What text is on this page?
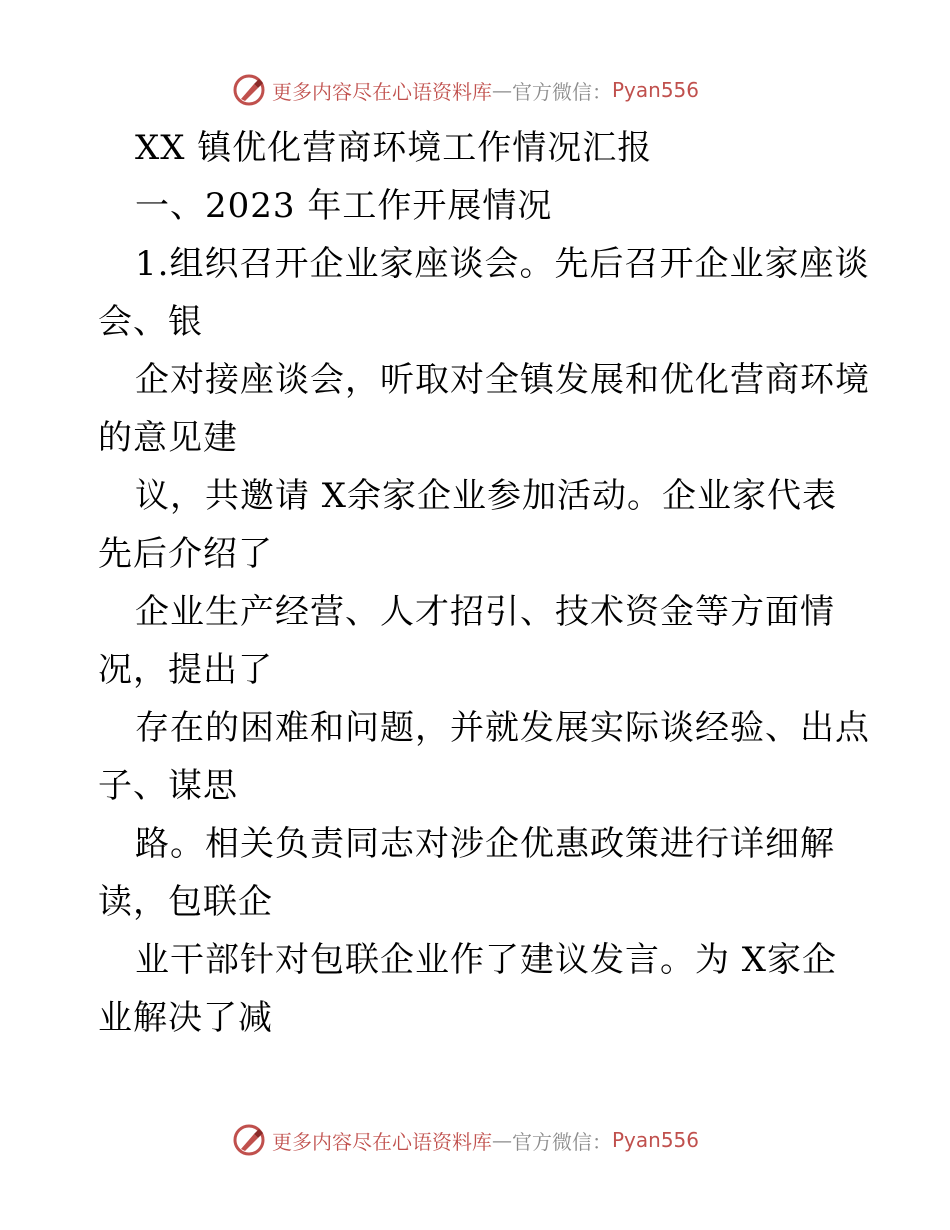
更多内容尽在心语资料库 — 官方微信： Pyan556
XX 镇优化营商环境工作情况汇报
一、2023 年工作开展情况
1.组织召开企业家座谈会。先后召开企业家座谈
会、银
企对接座谈会，听取对全镇发展和优化营商环境
的意见建
议，共邀请 X余家企业参加活动。企业家代表
先后介绍了
企业生产经营、人才招引、技术资金等方面情
况，提出了
存在的困难和问题，并就发展实际谈经验、出点
子、谋思
路。相关负责同志对涉企优惠政策进行详细解
读，包联企
业干部针对包联企业作了建议发言。为 X家企
业解决了减
更多内容尽在心语资料库 — 官方微信： Pyan556
